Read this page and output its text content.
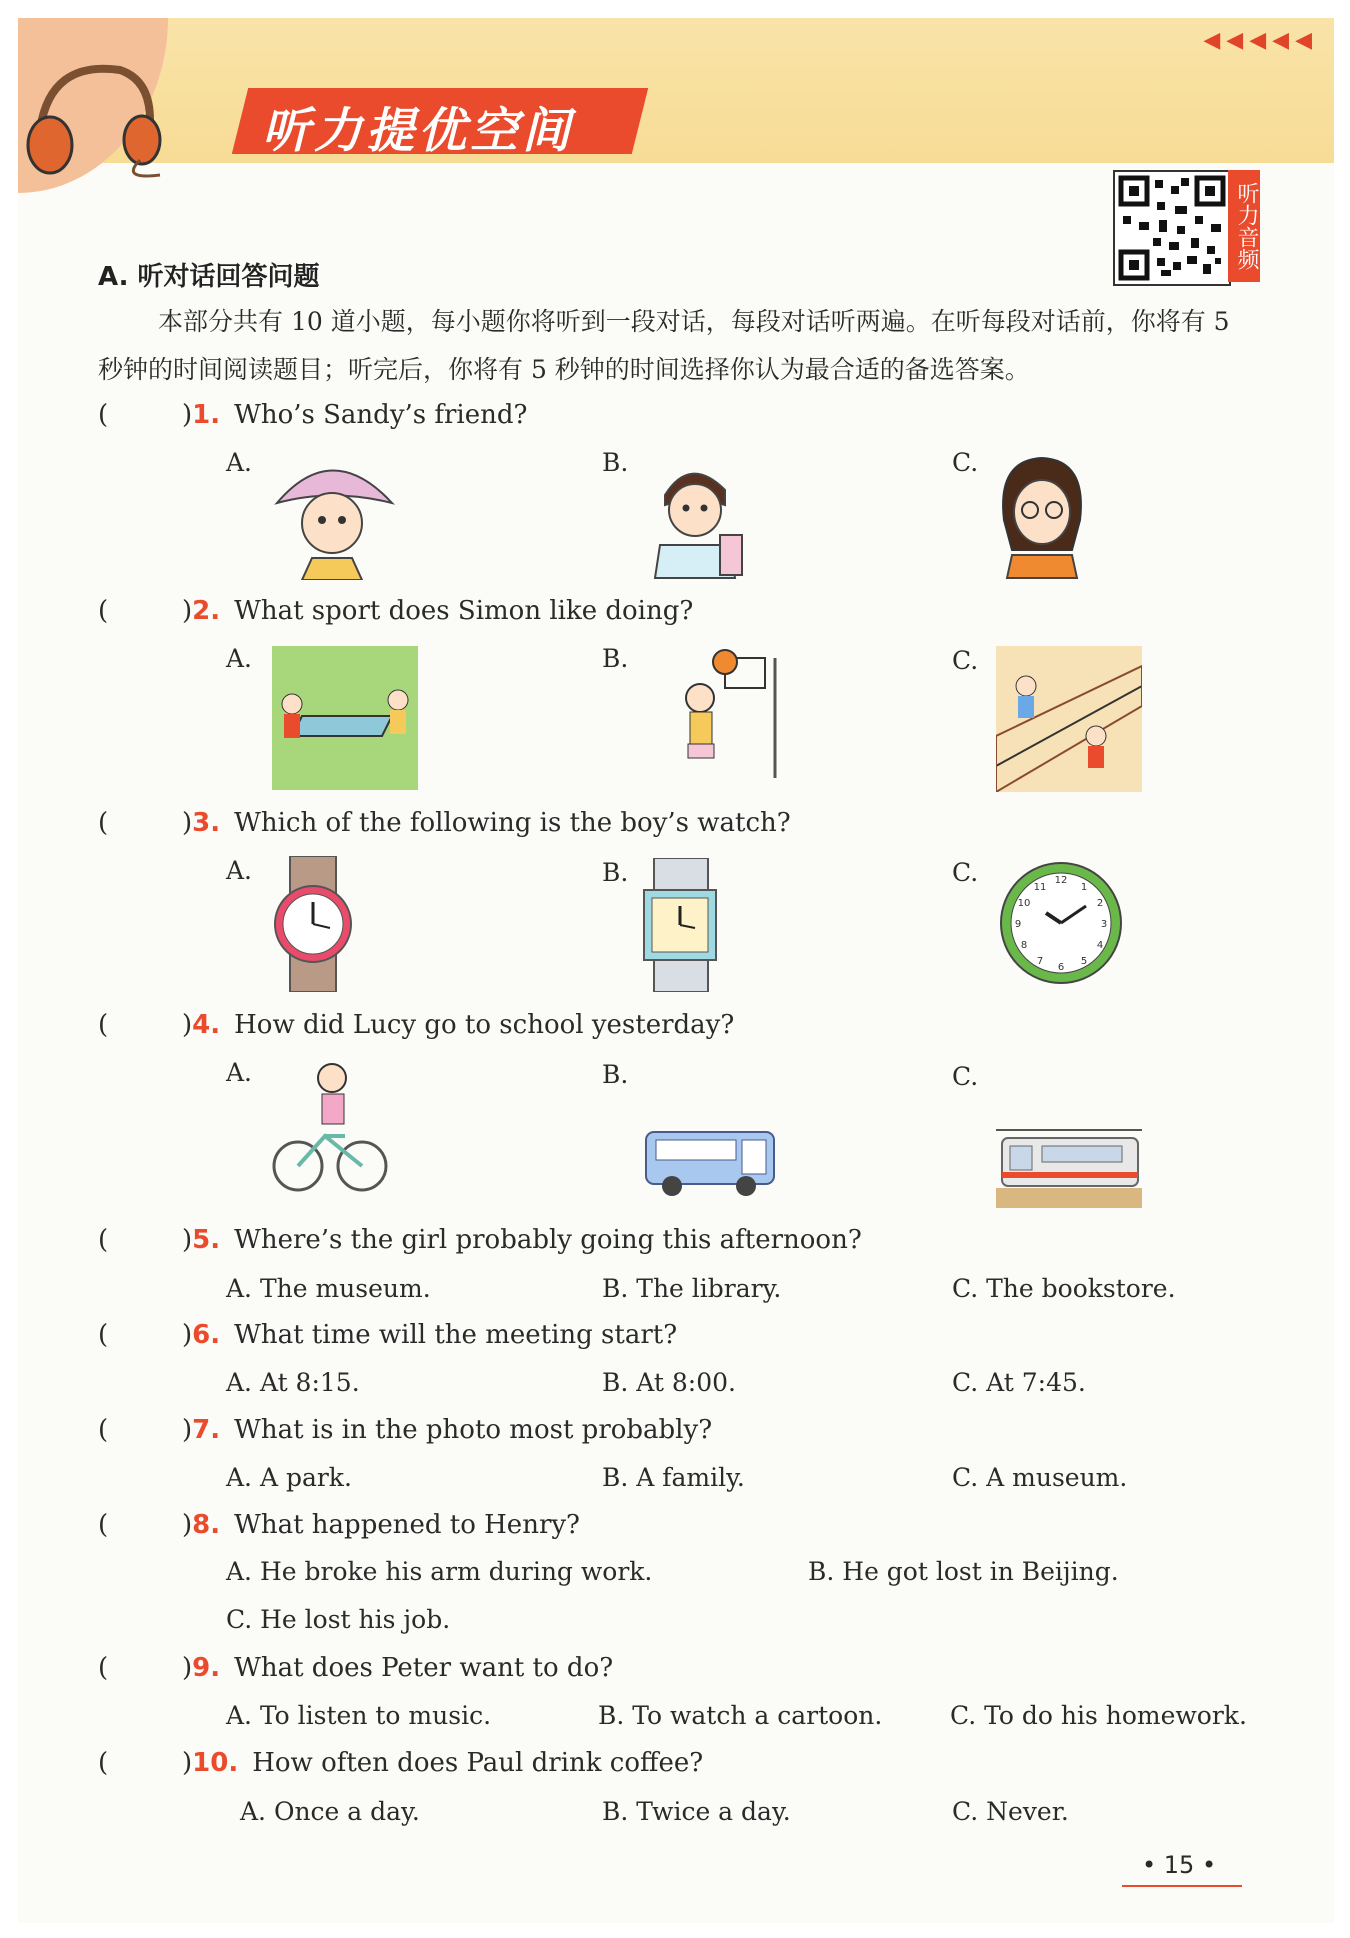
◀◀◀◀◀
听力提优空间
听力音频
A. 听对话回答问题
本部分共有 10 道小题，每小题你将听到一段对话，每段对话听两遍。在听每段对话前，你将有 5 秒钟的时间阅读题目；听完后，你将有 5 秒钟的时间选择你认为最合适的备选答案。
(	)1. Who’s Sandy’s friend?
A.	B.	C.
(	)2. What sport does Simon like doing?
A.	B.	C.
(	)3. Which of the following is the boy’s watch?
A.	B.	C.	12
3
6
9
10
11
4
5
7
8
1
2
(	)4. How did Lucy go to school yesterday?
A.	B.	C.
(	)5. Where’s the girl probably going this afternoon?
A. The museum.	B. The library.	C. The bookstore.
(	)6. What time will the meeting start?
A. At 8:15.	B. At 8:00.	C. At 7:45.
(	)7. What is in the photo most probably?
A. A park.	B. A family.	C. A museum.
(	)8. What happened to Henry?
A. He broke his arm during work.	B. He got lost in Beijing.
C. He lost his job.
(	)9. What does Peter want to do?
A. To listen to music.	B. To watch a cartoon.	C. To do his homework.
(	)10. How often does Paul drink coffee?
A. Once a day.	B. Twice a day.	C. Never.
• 15 •
